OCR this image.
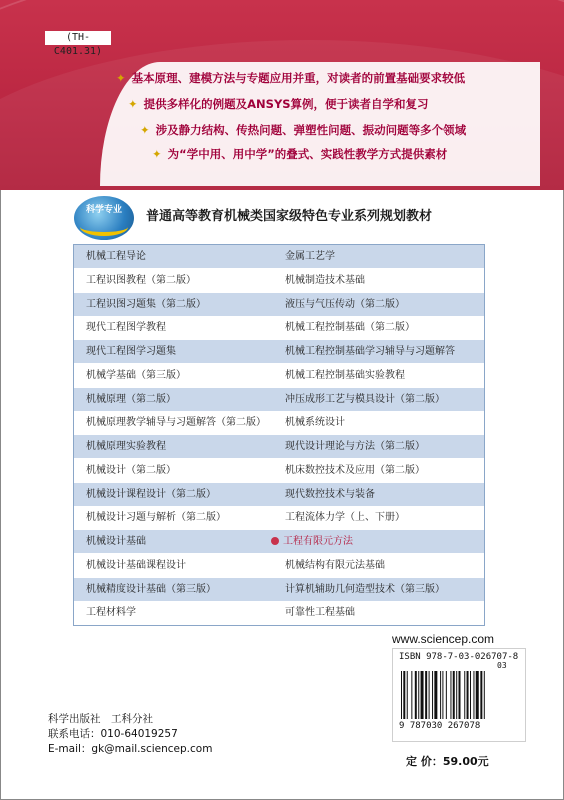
(TH-C401.31)
✦ 基本原理、建模方法与专题应用并重，对读者的前置基础要求较低
✦ 提供多样化的例题及ANSYS算例，便于读者自学和复习
✦ 涉及静力结构、传热问题、弹塑性问题、振动问题等多个领域
✦ 为“学中用、用中学”的叠式、实践性教学方式提供素材
科学专业	普通高等教育机械类国家级特色专业系列规划教材
机械工程导论	金属工艺学
工程识图教程（第二版）	机械制造技术基础
工程识图习题集（第二版）	液压与气压传动（第二版）
现代工程图学教程	机械工程控制基础（第二版）
现代工程图学习题集	机械工程控制基础学习辅导与习题解答
机械学基础（第三版）	机械工程控制基础实验教程
机械原理（第二版）	冲压成形工艺与模具设计（第二版）
机械原理教学辅导与习题解答（第二版） 机械系统设计
机械原理实验教程	现代设计理论与方法（第二版）
机械设计（第二版）	机床数控技术及应用（第二版）
机械设计课程设计（第二版）	现代数控技术与装备
机械设计习题与解析（第二版）	工程流体力学（上、下册）
机械设计基础	工程有限元方法
机械设计基础课程设计	机械结构有限元法基础
机械精度设计基础（第三版）	计算机辅助几何造型技术（第三版）
工程材料学	可靠性工程基础
www.sciencep.com
ISBN 978-7-03-026707-8
03
9 787030 267078
科学出版社　工科分社
联系电话：010-64019257
E-mail：gk@mail.sciencep.com
定 价：59.00元
